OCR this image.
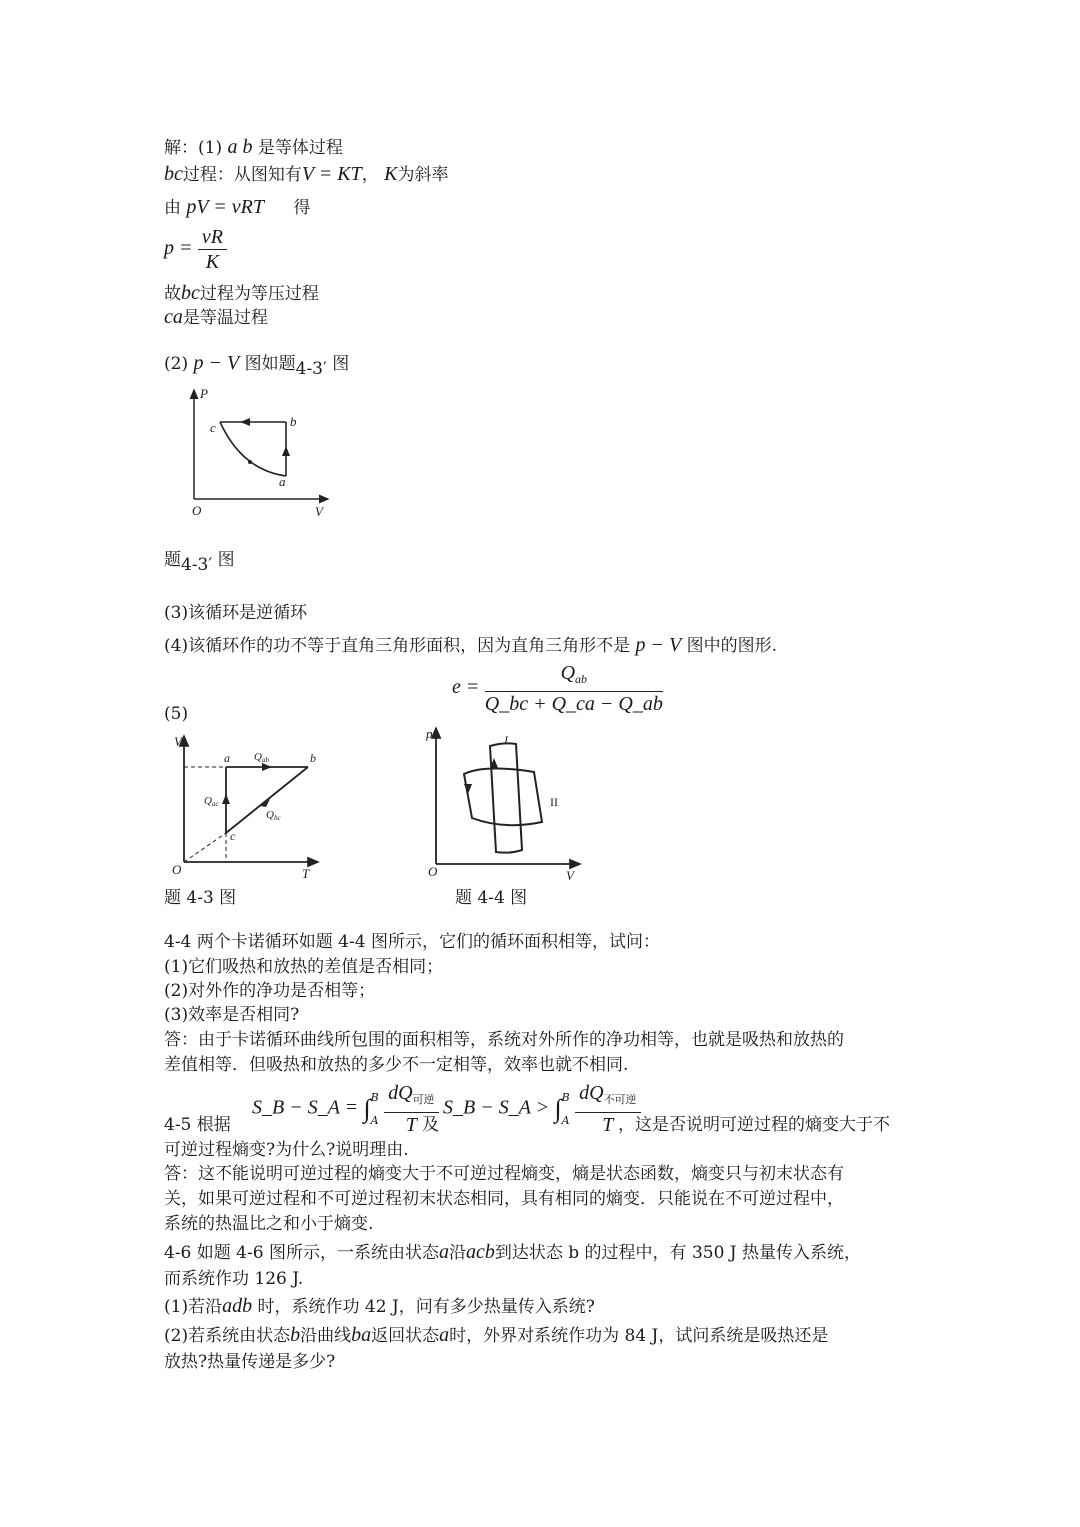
解：(1) a b 是等体过程
bc过程：从图知有V = KT， K为斜率
由 pV = νRT 得
$p = \frac{\nu R}{K}$
故bc过程为等压过程
ca是等温过程
(2) p − V 图如题4-3′ 图
P
b
c
a
O	V
题4-3′ 图
(3)该循环是逆循环
(4)该循环作的功不等于直角三角形面积，因为直角三角形不是 p − V 图中的图形.
$e = \frac{Q_{ab}}{Q\_bc + Q\_ca - Q\_ab}$
(5)
V
a	b
c
Qab
Qac
Qbc
O	T
题 4-3 图
p	I
II
O	V
题 4-4 图
4-4 两个卡诺循环如题 4-4 图所示，它们的循环面积相等，试问：
(1)它们吸热和放热的差值是否相同；
(2)对外作的净功是否相等；
(3)效率是否相同?
答：由于卡诺循环曲线所包围的面积相等，系统对外所作的净功相等，也就是吸热和放热的
差值相等．但吸热和放热的多少不一定相等，效率也就不相同.
4-5 根据
S_B − S_A = ∫ B
A
$\frac{dQ_{可逆}}{T}$
及
S_B − S_A > ∫ B
A
$\frac{dQ_{不可逆}}{T}$
，这是否说明可逆过程的熵变大于不
可逆过程熵变?为什么?说明理由.
答：这不能说明可逆过程的熵变大于不可逆过程熵变，熵是状态函数，熵变只与初末状态有
关，如果可逆过程和不可逆过程初末状态相同，具有相同的熵变．只能说在不可逆过程中，
系统的热温比之和小于熵变.
4-6 如题 4-6 图所示，一系统由状态a沿acb到达状态 b 的过程中，有 350 J 热量传入系统，
而系统作功 126 J.
(1)若沿adb 时，系统作功 42 J，问有多少热量传入系统?
(2)若系统由状态b沿曲线ba返回状态a时，外界对系统作功为 84 J，试问系统是吸热还是
放热?热量传递是多少?
